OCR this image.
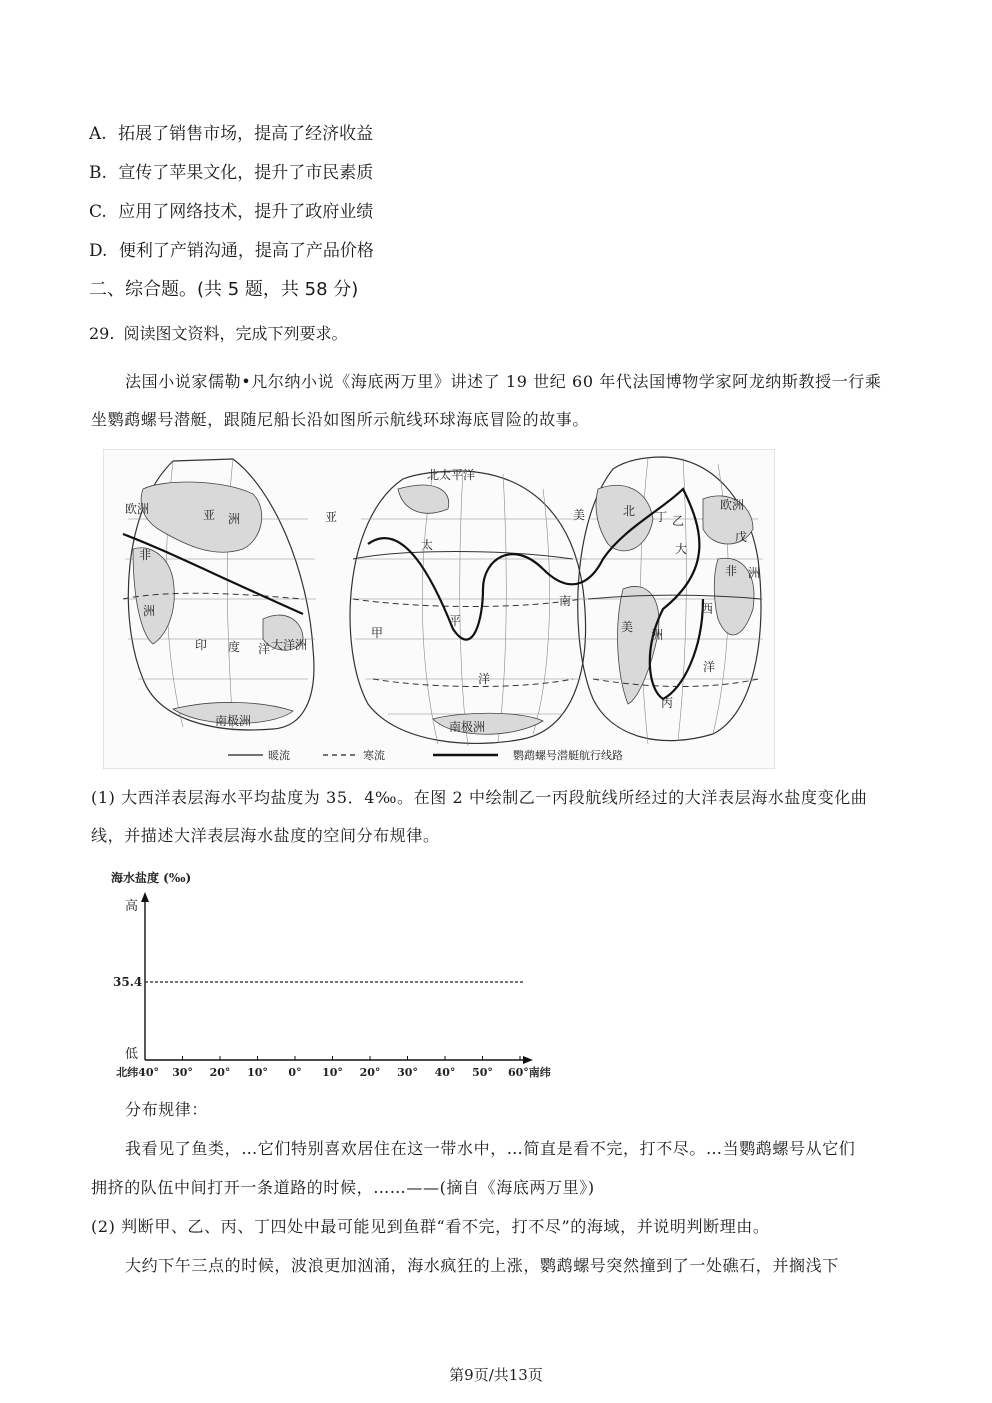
A. 拓展了销售市场，提高了经济收益
B. 宣传了苹果文化，提升了市民素质
C. 应用了网络技术，提升了政府业绩
D. 便利了产销沟通，提高了产品价格
二、综合题。(共 5 题，共 58 分)
29. 阅读图文资料，完成下列要求。
法国小说家儒勒•凡尔纳小说《海底两万里》讲述了 19 世纪 60 年代法国博物学家阿龙纳斯教授一行乘
坐鹦鹉螺号潜艇，跟随尼船长沿如图所示航线环球海底冒险的故事。
欧洲	亚 洲
非
洲
印 度 洋 大洋洲
南极洲
亚
北太平洋
太
平
洋
甲
南极洲
美	北 丁 乙
欧洲
戊
大
非 洲
南
美
洲
西
洋
丙
暖流	寒流	鹦鹉螺号潜艇航行线路
(1) 大西洋表层海水平均盐度为 35．4‰。在图 2 中绘制乙一丙段航线所经过的大洋表层海水盐度变化曲
线，并描述大洋表层海水盐度的空间分布规律。
海水盐度 (‰)
高
低
35.4
北纬40° 30° 20° 10° 0° 10° 20° 30° 40° 50° 60°南纬
分布规律：
我看见了鱼类，…它们特别喜欢居住在这一带水中，…简直是看不完，打不尽。…当鹦鹉螺号从它们
拥挤的队伍中间打开一条道路的时候，……——(摘自《海底两万里》)
(2) 判断甲、乙、丙、丁四处中最可能见到鱼群“看不完，打不尽”的海域，并说明判断理由。
大约下午三点的时候，波浪更加汹涌，海水疯狂的上涨，鹦鹉螺号突然撞到了一处礁石，并搁浅下
第9页/共13页
